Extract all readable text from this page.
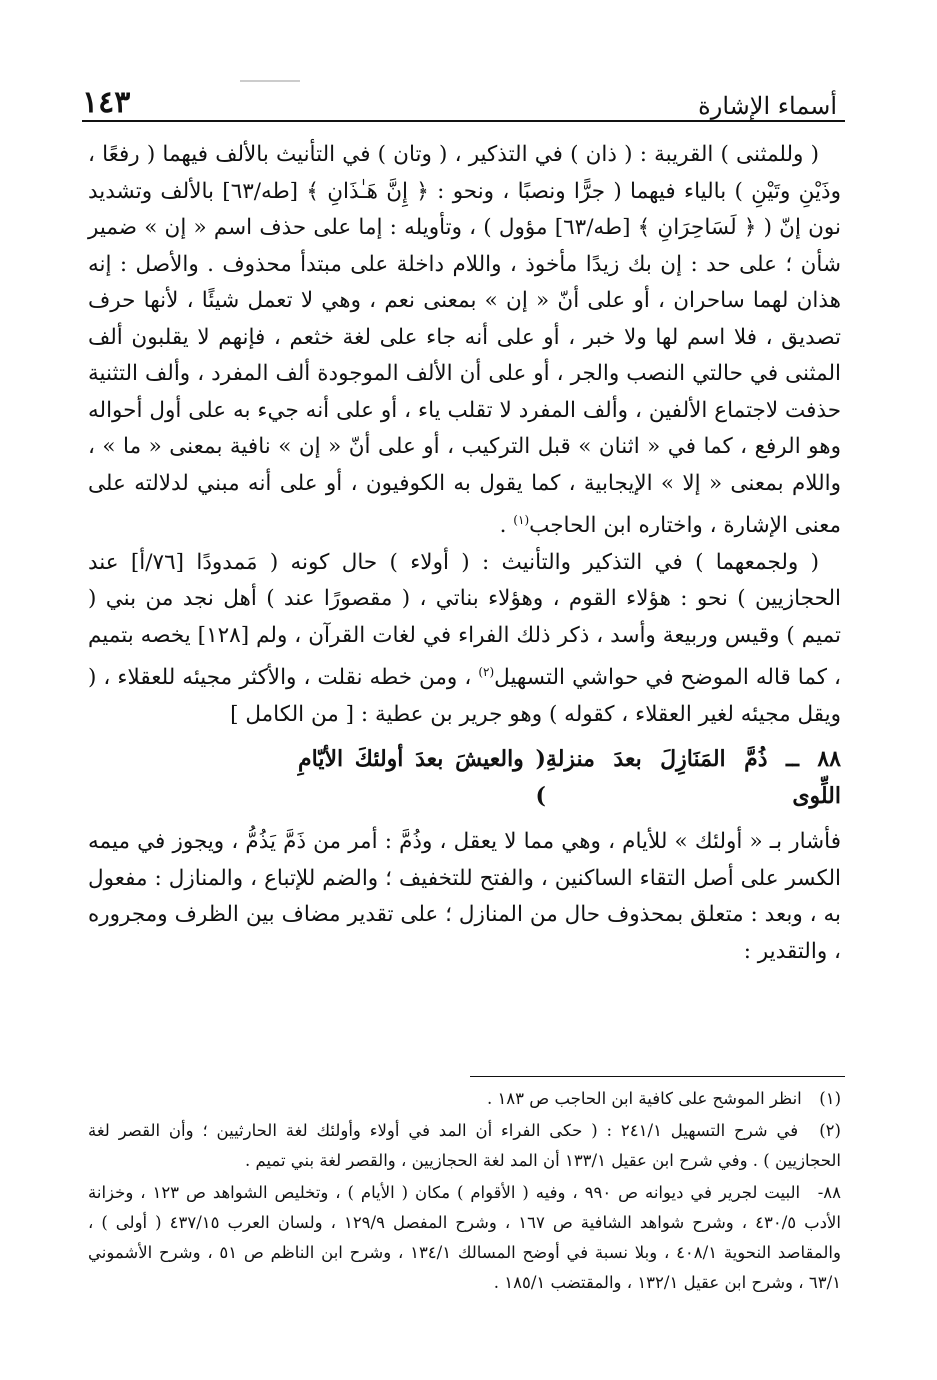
أسماء الإشارة
١٤٣

( وللمثنى ) القريبة : ( ذان ) في التذكير ، ( وتان ) في التأنيث بالألف فيهما ( رفعًا ، وذَيْنِ وتَيْنِ ) بالياء فيهما ( جرًّا ونصبًا ، ونحو : ﴿ إِنَّ هَـٰذَانِ ﴾ [طه/٦٣] بالألف وتشديد نون إنّ ( ﴿ لَسَاحِرَانِ ﴾ [طه/٦٣] مؤول ) ، وتأويله : إما على حذف اسم « إن » ضمير شأن ؛ على حد : إن بك زيدًا مأخوذ ، واللام داخلة على مبتدأ محذوف . والأصل : إنه هذان لهما ساحران ، أو على أنّ « إن » بمعنى نعم ، وهي لا تعمل شيئًا ، لأنها حرف تصديق ، فلا اسم لها ولا خبر ، أو على أنه جاء على لغة خثعم ، فإنهم لا يقلبون ألف المثنى في حالتي النصب والجر ، أو على أن الألف الموجودة ألف المفرد ، وألف التثنية حذفت لاجتماع الألفين ، وألف المفرد لا تقلب ياء ، أو على أنه جيء به على أول أحواله وهو الرفع ، كما في « اثنان » قبل التركيب ، أو على أنّ « إن » نافية بمعنى « ما » ، واللام بمعنى « إلا » الإيجابية ، كما يقول به الكوفيون ، أو على أنه مبني لدلالته على معنى الإشارة ، واختاره ابن الحاجب$^{(١)}$ .

( ولجمعهما ) في التذكير والتأنيث : ( أولاء ) حال كونه ( مَمدودًا [٧٦/أ] عند الحجازيين ) نحو : هؤلاء القوم ، وهؤلاء بناتي ، ( مقصورًا عند ) أهل نجد من بني ( تميم ) وقيس وربيعة وأسد ، ذكر ذلك الفراء في لغات القرآن ، ولم [١٢٨] يخصه بتميم ، كما قاله الموضح في حواشي التسهيل$^{(٢)}$ ، ومن خطه نقلت ، والأكثر مجيئه للعقلاء ، ( ويقل مجيئه لغير العقلاء ، كقوله ) وهو جرير بن عطية : [ من الكامل ]

٨٨ ــ ذُمَّ المَنَازِلَ بعدَ منزلةِ اللِّوى
( والعيشَ بعدَ أولئكَ الأيّامِ )

فأشار بـ « أولئك » للأيام ، وهي مما لا يعقل ، وذُمَّ : أمر من ذَمَّ يَذُمُّ ، ويجوز في ميمه الكسر على أصل التقاء الساكنين ، والفتح للتخفيف ؛ والضم للإتباع ، والمنازل : مفعول به ، وبعد : متعلق بمحذوف حال من المنازل ؛ على تقدير مضاف بين الظرف ومجروره ، والتقدير :

(١) انظر الموشح على كافية ابن الحاجب ص ١٨٣ .

(٢) في شرح التسهيل ٢٤١/١ : ( حكى الفراء أن المد في أولاء وأولئك لغة الحارثيين ؛ وأن القصر لغة الحجازيين ) . وفي شرح ابن عقيل ١٣٣/١ أن المد لغة الحجازيين ، والقصر لغة بني تميم .

٨٨- البيت لجرير في ديوانه ص ٩٩٠ ، وفيه ( الأقوام ) مكان ( الأيام ) ، وتخليص الشواهد ص ١٢٣ ، وخزانة الأدب ٤٣٠/٥ ، وشرح شواهد الشافية ص ١٦٧ ، وشرح المفصل ١٢٩/٩ ، ولسان العرب ٤٣٧/١٥ ( أولى ) ، والمقاصد النحوية ٤٠٨/١ ، وبلا نسبة في أوضح المسالك ١٣٤/١ ، وشرح ابن الناظم ص ٥١ ، وشرح الأشموني ٦٣/١ ، وشرح ابن عقيل ١٣٢/١ ، والمقتضب ١٨٥/١ .
